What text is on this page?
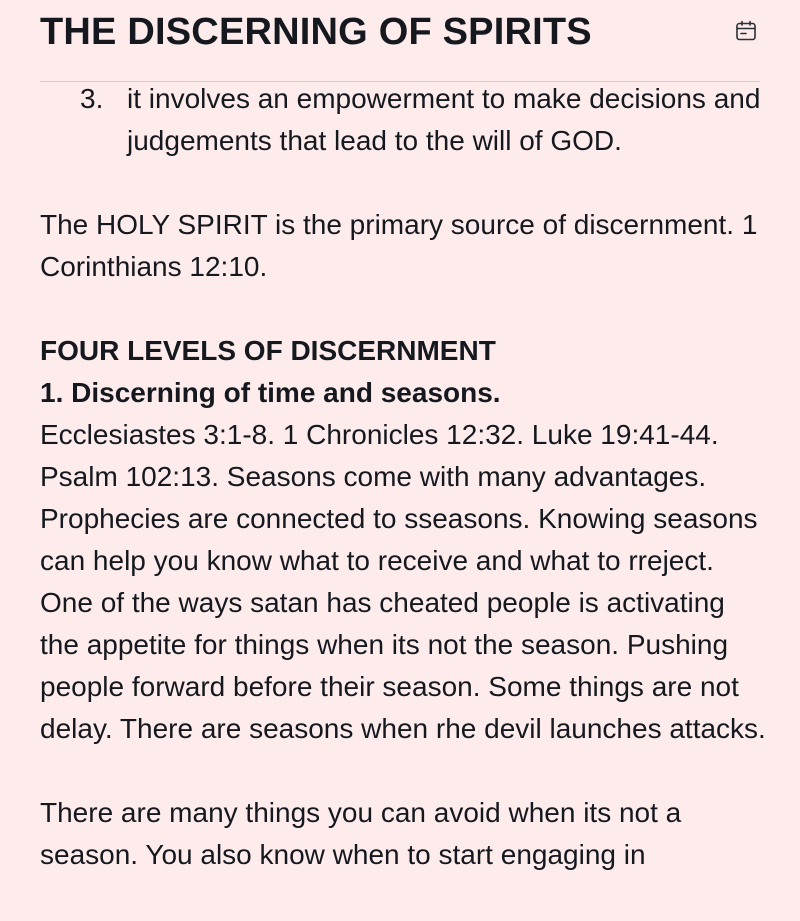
THE DISCERNING OF SPIRITS
3. it involves an empowerment to make decisions and judgements that lead to the will of GOD.

The HOLY SPIRIT is the primary source of discernment. 1 Corinthians 12:10.

FOUR LEVELS OF DISCERNMENT

1. Discerning of time and seasons.

Ecclesiastes 3:1-8. 1 Chronicles 12:32. Luke 19:41-44. Psalm 102:13. Seasons come with many advantages. Prophecies are connected to sseasons. Knowing seasons can help you know what to receive and what to rreject. One of the ways satan has cheated people is activating the appetite for things when its not the season. Pushing people forward before their season. Some things are not delay. There are seasons when rhe devil launches attacks.

There are many things you can avoid when its not a season. You also know when to start engaging in
